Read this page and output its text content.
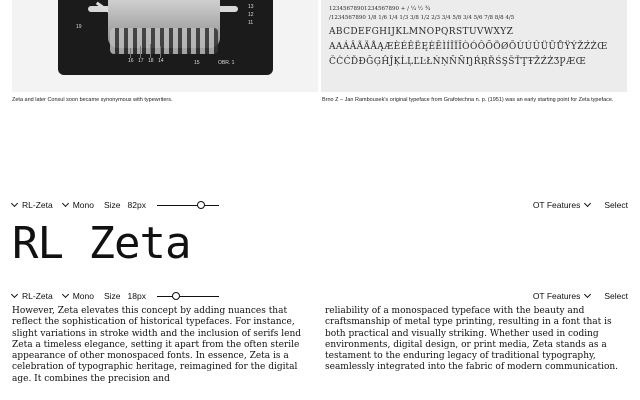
19
16 17 18 14	15
13
12
11
OBR. 1
12345678901234567890 + / ¼ ½ ¾
/1234567890 1/8 1/6 1/4 1/3 3/8 1/2 2/3 3/4 5/8 3/4 5/6 7/8 8/8 4/5
ABCDEFGHIJKLMNOPQRSTUVWXYZ
AAÁÂÃÄÅĄÆÈÉÊËĘĖĒÌÍÎÏĪÒÓÔÕÖØŌÙÚÛÜŪŮŸÝŽŹŻŒ
ČĊĆĎĐĞĢĤĴĶĹĻĽĿŁŃŅŇÑŊŔŖŘŚŞŠŤŢŦŽŹŻƷǷÆŒ
Zeta and later Consul soon became synonymous with typewriters.	Brno Z – Jan Rambousek's original typeface from Grafotechna n. p. (1951) was an early starting point for Zeta typeface.
RL-Zeta Mono Size 82px	OT Features	Select
RL Zeta
RL-Zeta Mono Size 18px	OT Features	Select
However, Zeta elevates this concept by adding nuances that reflect the sophistication of historical typefaces. For instance, slight variations in stroke width and the inclusion of serifs lend Zeta a timeless elegance, setting it apart from the often sterile appearance of other monospaced fonts. In essence, Zeta is a celebration of typographic heritage, reimagined for the digital age. It combines the precision and
reliability of a monospaced typeface with the beauty and craftsmanship of metal type printing, resulting in a font that is both practical and visually striking. Whether used in coding environments, digital design, or print media, Zeta stands as a testament to the enduring legacy of traditional typography, seamlessly integrated into the fabric of modern communication.
